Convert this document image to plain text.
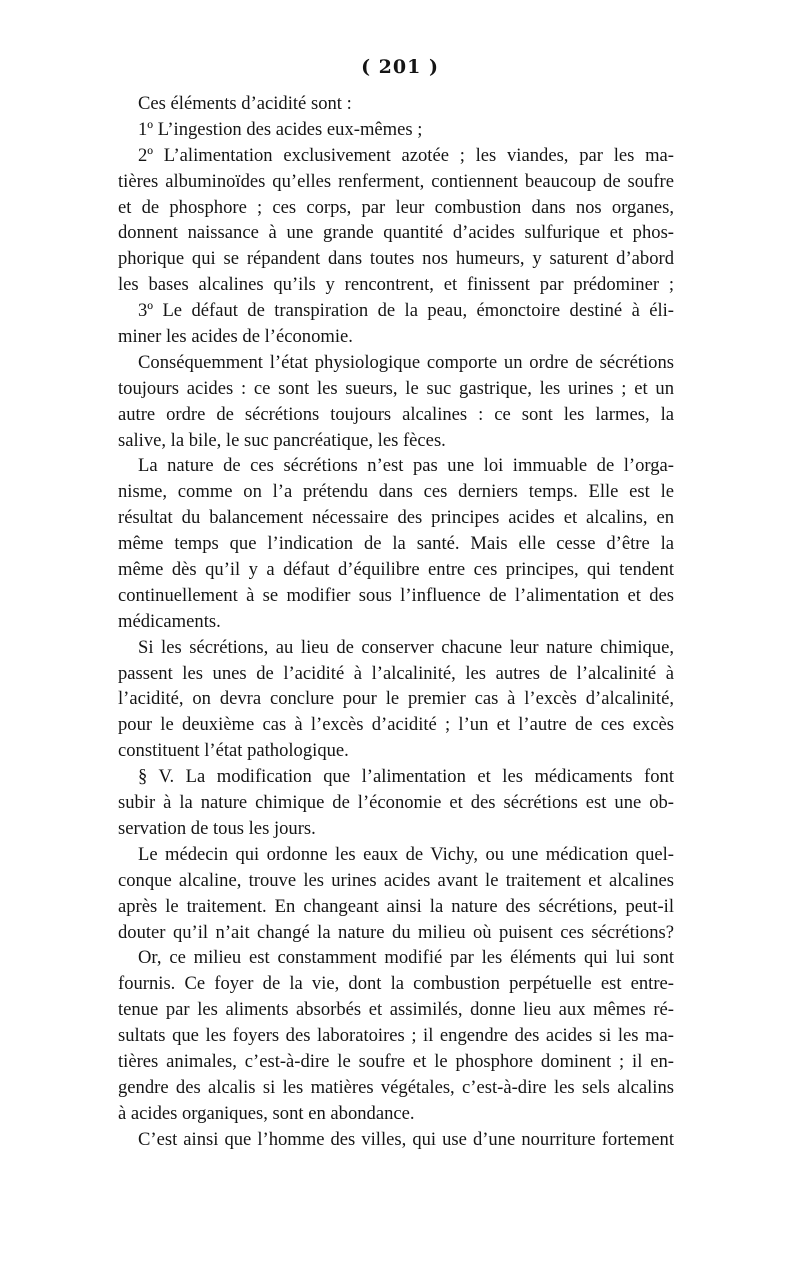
( 201 )
Ces éléments d’acidité sont :
1º L’ingestion des acides eux-mêmes ;
2º L’alimentation exclusivement azotée ; les viandes, par les ma-
tières albuminoïdes qu’elles renferment, contiennent beaucoup de soufre
et de phosphore ; ces corps, par leur combustion dans nos organes,
donnent naissance à une grande quantité d’acides sulfurique et phos-
phorique qui se répandent dans toutes nos humeurs, y saturent d’abord
les bases alcalines qu’ils y rencontrent, et finissent par prédominer ;
3º Le défaut de transpiration de la peau, émonctoire destiné à éli-
miner les acides de l’économie.
Conséquemment l’état physiologique comporte un ordre de sécrétions
toujours acides : ce sont les sueurs, le suc gastrique, les urines ; et un
autre ordre de sécrétions toujours alcalines : ce sont les larmes, la
salive, la bile, le suc pancréatique, les fèces.
La nature de ces sécrétions n’est pas une loi immuable de l’orga-
nisme, comme on l’a prétendu dans ces derniers temps. Elle est le
résultat du balancement nécessaire des principes acides et alcalins, en
même temps que l’indication de la santé. Mais elle cesse d’être la
même dès qu’il y a défaut d’équilibre entre ces principes, qui tendent
continuellement à se modifier sous l’influence de l’alimentation et des
médicaments.
Si les sécrétions, au lieu de conserver chacune leur nature chimique,
passent les unes de l’acidité à l’alcalinité, les autres de l’alcalinité à
l’acidité, on devra conclure pour le premier cas à l’excès d’alcalinité,
pour le deuxième cas à l’excès d’acidité ; l’un et l’autre de ces excès
constituent l’état pathologique.
§ V. La modification que l’alimentation et les médicaments font
subir à la nature chimique de l’économie et des sécrétions est une ob-
servation de tous les jours.
Le médecin qui ordonne les eaux de Vichy, ou une médication quel-
conque alcaline, trouve les urines acides avant le traitement et alcalines
après le traitement. En changeant ainsi la nature des sécrétions, peut-il
douter qu’il n’ait changé la nature du milieu où puisent ces sécrétions?
Or, ce milieu est constamment modifié par les éléments qui lui sont
fournis. Ce foyer de la vie, dont la combustion perpétuelle est entre-
tenue par les aliments absorbés et assimilés, donne lieu aux mêmes ré-
sultats que les foyers des laboratoires ; il engendre des acides si les ma-
tières animales, c’est-à-dire le soufre et le phosphore dominent ; il en-
gendre des alcalis si les matières végétales, c’est-à-dire les sels alcalins
à acides organiques, sont en abondance.
C’est ainsi que l’homme des villes, qui use d’une nourriture fortement
